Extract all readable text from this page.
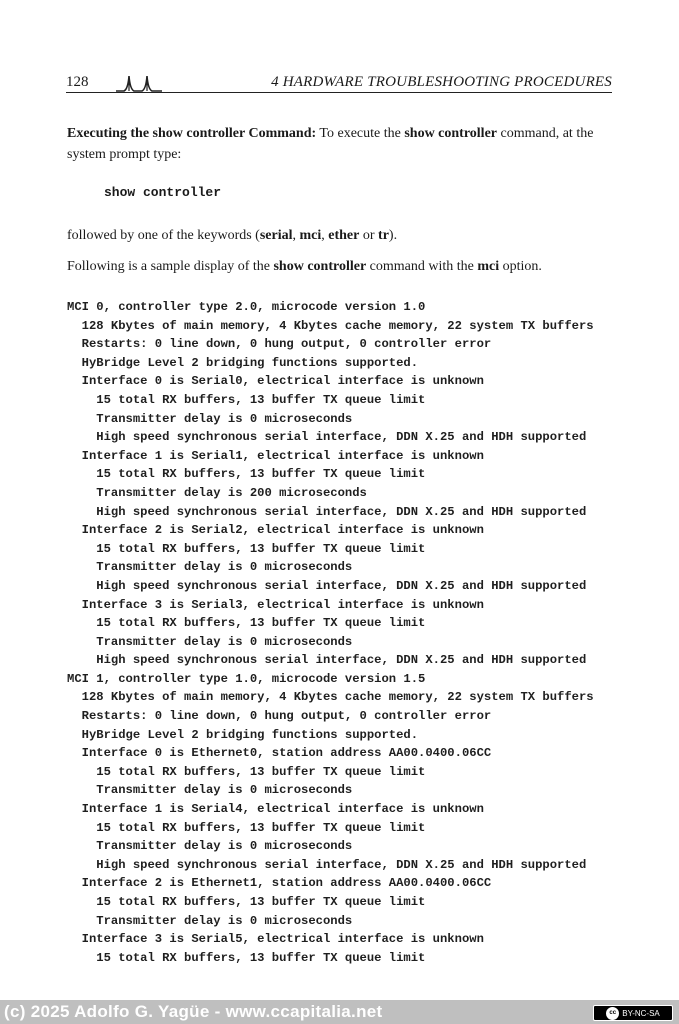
128	4 HARDWARE TROUBLESHOOTING PROCEDURES
Executing the show controller Command: To execute the show controller command, at the system prompt type:
show controller
followed by one of the keywords (serial, mci, ether or tr).
Following is a sample display of the show controller command with the mci option.
MCI 0, controller type 2.0, microcode version 1.0
128 Kbytes of main memory, 4 Kbytes cache memory, 22 system TX buffers
Restarts: 0 line down, 0 hung output, 0 controller error
HyBridge Level 2 bridging functions supported.
Interface 0 is Serial0, electrical interface is unknown
15 total RX buffers, 13 buffer TX queue limit
Transmitter delay is 0 microseconds
High speed synchronous serial interface, DDN X.25 and HDH supported
Interface 1 is Serial1, electrical interface is unknown
15 total RX buffers, 13 buffer TX queue limit
Transmitter delay is 200 microseconds
High speed synchronous serial interface, DDN X.25 and HDH supported
Interface 2 is Serial2, electrical interface is unknown
15 total RX buffers, 13 buffer TX queue limit
Transmitter delay is 0 microseconds
High speed synchronous serial interface, DDN X.25 and HDH supported
Interface 3 is Serial3, electrical interface is unknown
15 total RX buffers, 13 buffer TX queue limit
Transmitter delay is 0 microseconds
High speed synchronous serial interface, DDN X.25 and HDH supported
MCI 1, controller type 1.0, microcode version 1.5
128 Kbytes of main memory, 4 Kbytes cache memory, 22 system TX buffers
Restarts: 0 line down, 0 hung output, 0 controller error
HyBridge Level 2 bridging functions supported.
Interface 0 is Ethernet0, station address AA00.0400.06CC
15 total RX buffers, 13 buffer TX queue limit
Transmitter delay is 0 microseconds
Interface 1 is Serial4, electrical interface is unknown
15 total RX buffers, 13 buffer TX queue limit
Transmitter delay is 0 microseconds
High speed synchronous serial interface, DDN X.25 and HDH supported
Interface 2 is Ethernet1, station address AA00.0400.06CC
15 total RX buffers, 13 buffer TX queue limit
Transmitter delay is 0 microseconds
Interface 3 is Serial5, electrical interface is unknown
15 total RX buffers, 13 buffer TX queue limit
(c) 2025 Adolfo G. Yagüe - www.ccapitalia.net	cc BY-NC-SA
